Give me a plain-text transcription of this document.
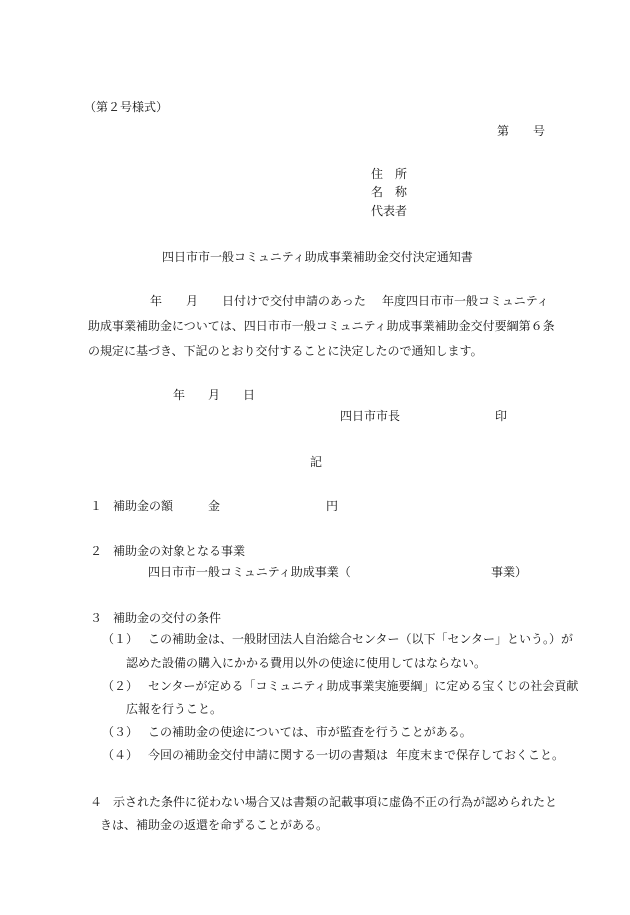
（第２号様式）
第 号
住　所
名　称
代表者
四日市市一般コミュニティ助成事業補助金交付決定通知書
年 月 日付けで交付申請のあった 年度四日市市一般コミュニティ
助成事業補助金については、四日市市一般コミュニティ助成事業補助金交付要綱第６条
の規定に基づき、下記のとおり交付することに決定したので通知します。
年 月 日
四日市市長	印
記
１ 補助金の額	金	円
２ 補助金の対象となる事業
四日市市一般コミュニティ助成事業（	事業）
３ 補助金の交付の条件
（１） この補助金は、一般財団法人自治総合センター（以下「センター」という。）が
認めた設備の購入にかかる費用以外の使途に使用してはならない。
（２） センターが定める「コミュニティ助成事業実施要綱」に定める宝くじの社会貢献
広報を行うこと。
（３） この補助金の使途については、市が監査を行うことがある。
（４） 今回の補助金交付申請に関する一切の書類は 年度末まで保存しておくこと。
４ 示された条件に従わない場合又は書類の記載事項に虚偽不正の行為が認められたと
きは、補助金の返還を命ずることがある。
